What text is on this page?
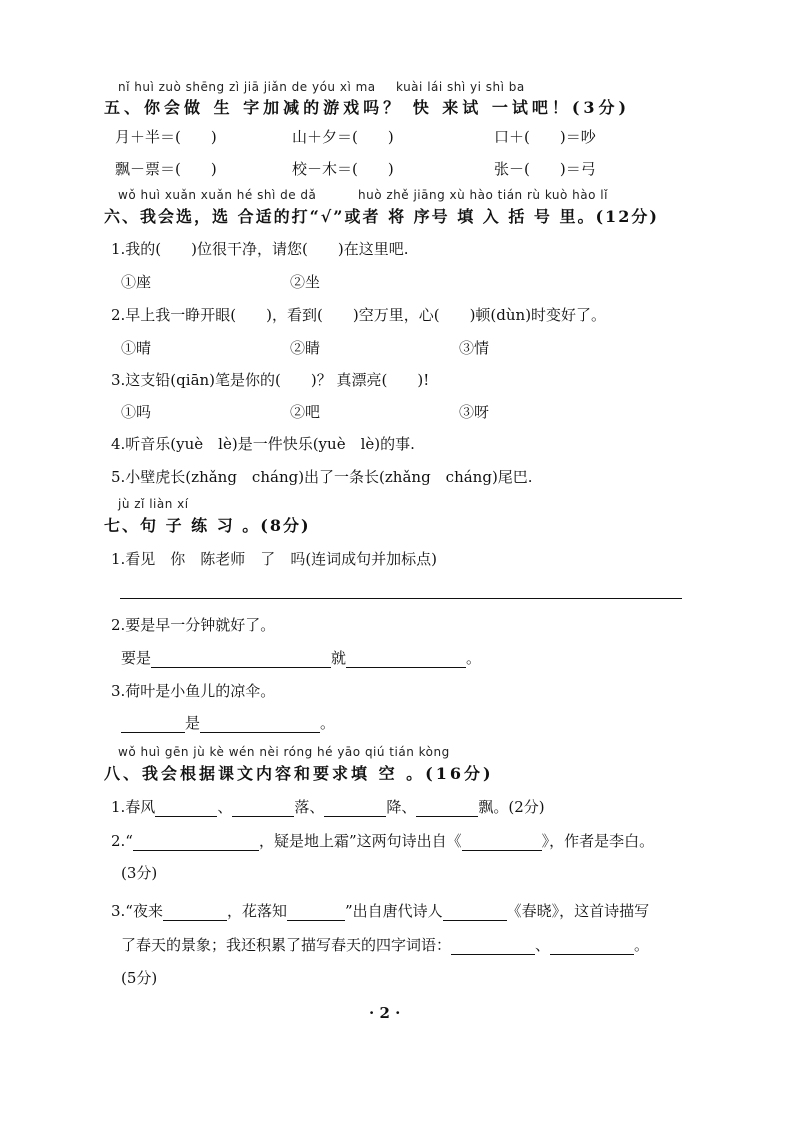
nǐ huì zuò shēng zì jiā jiǎn de yóu xì ma kuài lái shì yi shì ba
五、你会做 生 字加减的游戏吗？ 快 来试 一试吧！(3分)
月＋半＝(　　)	山＋夕＝(　　)	口＋(　　)＝吵
飘－票＝(　　)	校－木＝(　　)	张－(　　)＝弓
wǒ huì xuǎn xuǎn hé shì de dǎ	huò zhě jiāng xù hào tián rù kuò hào lǐ
六、我会选，选 合适的打“√”或者 将 序号 填 入 括 号 里。(12分)
1.我的(　　)位很干净，请您(　　)在这里吧.
①座	②坐
2.早上我一睁开眼(　　)，看到(　　)空万里，心(　　)顿(dùn)时变好了。
①晴	②睛	③情
3.这支铅(qiān)笔是你的(　　)？ 真漂亮(　　)!
①吗	②吧	③呀
4.听音乐(yuè　lè)是一件快乐(yuè　lè)的事.
5.小壁虎长(zhǎng　cháng)出了一条长(zhǎng　cháng)尾巴.
jù zǐ liàn xí
七、句 子 练 习 。(8分)
1.看见　你　陈老师　了　吗(连词成句并加标点)
2.要是早一分钟就好了。
要是	就	。
3.荷叶是小鱼儿的凉伞。
是	。
wǒ huì gēn jù kè wén nèi róng hé yāo qiú tián kòng
八、我会根据课文内容和要求填 空 。(16分)
1.春风	、	落、	降、	飘。(2分)
2.“	，疑是地上霜”这两句诗出自《	》，作者是李白。
(3分)
3.“夜来	，花落知	”出自唐代诗人	《春晓》，这首诗描写
了春天的景象；我还积累了描写春天的四字词语：	、	。
(5分)
· 2 ·
